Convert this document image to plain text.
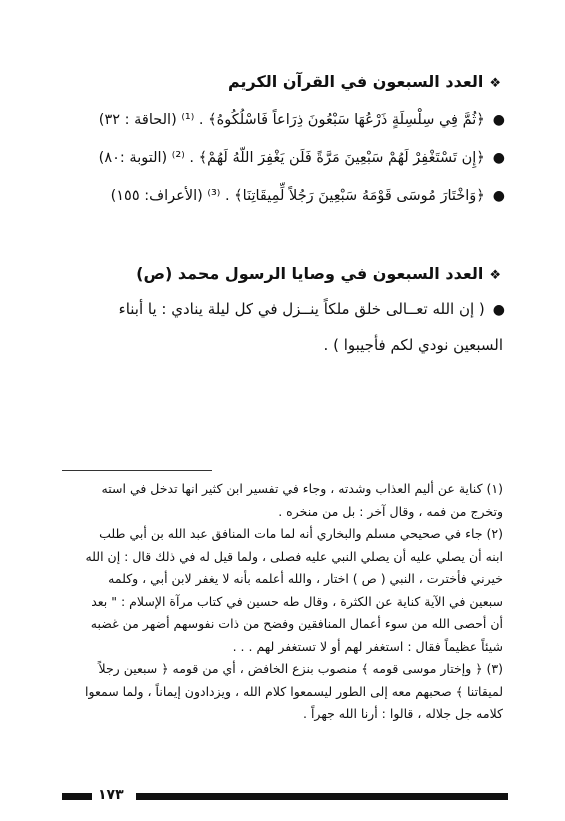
❖العدد السبعون في القرآن الكريم
●﴿ثُمَّ فِي سِلْسِلَةٍ ذَرْعُهَا سَبْعُونَ ذِرَاعاً فَاسْلُكُوهُ﴾ . ⁽¹⁾ (الحاقة : ٣٢)
●﴿إِن تَسْتَغْفِرْ لَهُمْ سَبْعِينَ مَرَّةً فَلَن يَغْفِرَ اللّهُ لَهُمْ﴾ . ⁽²⁾ (التوبة :٨٠)
●﴿وَاخْتَارَ مُوسَى قَوْمَهُ سَبْعِينَ رَجُلاً لِّمِيقَاتِنَا﴾ . ⁽³⁾ (الأعراف: ١٥٥)
❖العدد السبعون في وصايا الرسول محمد (ص)
●( إن الله تعــالى خلق ملكاً ينــزل في كل ليلة ينادي : يا أبناء
السبعين نودي لكم فأجيبوا ) .
(١) كناية عن أليم العذاب وشدته ، وجاء في تفسير ابن كثير انها تدخل في استه
وتخرج من فمه ، وقال آخر : بل من منخره .
(٢) جاء في صحيحي مسلم والبخاري أنه لما مات المنافق عبد الله بن أبي طلب
ابنه أن يصلي عليه أن يصلي النبي عليه فصلى ، ولما قيل له في ذلك قال : إن الله
خيرني فأخترت ، النبي ( ص ) اختار ، والله أعلمه بأنه لا يغفر لابن أبي ، وكلمه
سبعين في الآية كناية عن الكثرة ، وقال طه حسين في كتاب مرآة الإسلام : " بعد
أن أحصى الله من سوء أعمال المنافقين وفضح من ذات نفوسهم أضهر من غضبه
شيئاً عظيماً فقال : استغفر لهم أو لا تستغفر لهم . . .
(٣) ﴿ وإختار موسى قومه ﴾ منصوب بنزع الخافض ، أي من قومه ﴿ سبعين رجلاً
لميقاتنا ﴾ صحبهم معه إلى الطور ليسمعوا كلام الله ، ويزدادون إيماناً ، ولما سمعوا
كلامه جل جلاله ، قالوا : أرنا الله جهراً .
١٧٣
